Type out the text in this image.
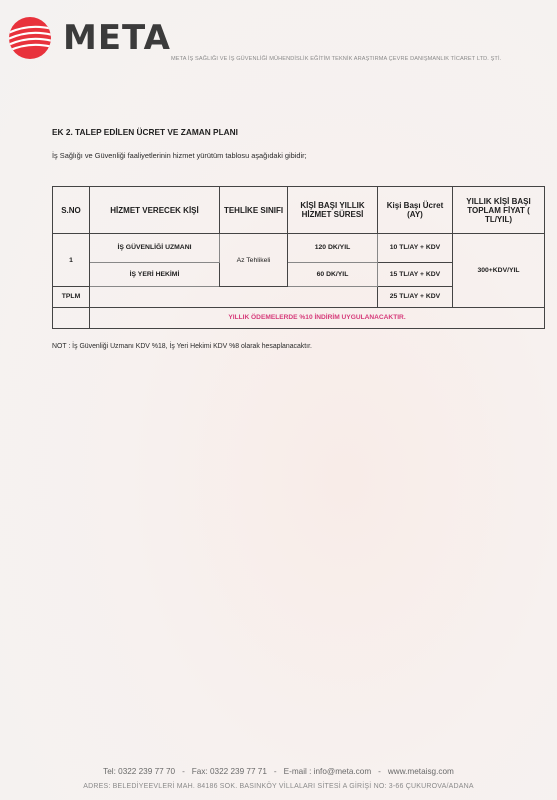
META
META İŞ SAĞLIĞI VE İŞ GÜVENLİĞİ MÜHENDİSLİK EĞİTİM TEKNİK ARAŞTIRMA ÇEVRE DANIŞMANLIK TİCARET LTD. ŞTİ.
EK 2. TALEP EDİLEN ÜCRET VE ZAMAN PLANI
İş Sağlığı ve Güvenliği faaliyetlerinin hizmet yürütüm tablosu aşağıdaki gibidir;
S.NO	HİZMET VERECEK KİŞİ	TEHLİKE SINIFI	KİŞİ BAŞI YILLIK HİZMET SÜRESİ	Kişi Başı Ücret (AY)	YILLIK KİŞİ BAŞI TOPLAM FİYAT ( TL/YIL)
1	İŞ GÜVENLİĞİ UZMANI	Az Tehlikeli	120 DK/YIL	10 TL/AY + KDV	300+KDV/YIL
	İŞ YERİ HEKİMİ		60 DK/YIL	15 TL/AY + KDV	
TPLM				25 TL/AY + KDV	
	YILLIK ÖDEMELERDE %10 İNDİRİM UYGULANACAKTIR.				
NOT : İş Güvenliği Uzmanı KDV %18, İş Yeri Hekimi KDV %8 olarak hesaplanacaktır.
Tel: 0322 239 77 70 - Fax: 0322 239 77 71 - E-mail : info@meta.com - www.metaisg.com
ADRES: BELEDİYEEVLERİ MAH. 84186 SOK. BASINKÖY VİLLALARI SİTESİ A GİRİŞİ NO: 3-66 ÇUKUROVA/ADANA
